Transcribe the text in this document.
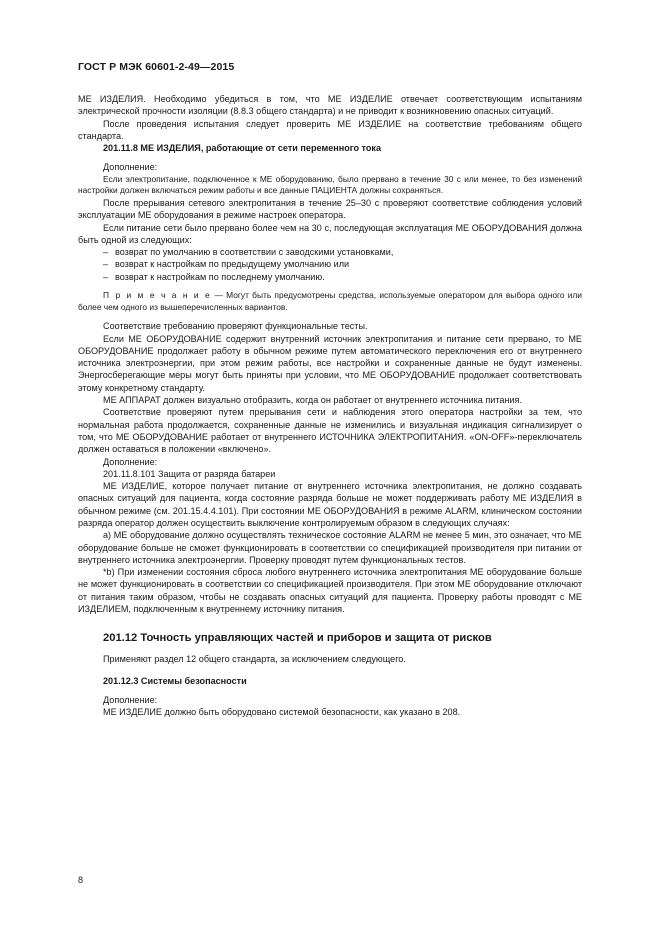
ГОСТ Р МЭК 60601-2-49—2015

МЕ ИЗДЕЛИЯ. Необходимо убедиться в том, что МЕ ИЗДЕЛИЕ отвечает соответствующим испытаниям электрической прочности изоляции (8.8.3 общего стандарта) и не приводит к возникновению опасных ситуаций.

После проведения испытания следует проверить МЕ ИЗДЕЛИЕ на соответствие требованиям общего стандарта.

201.11.8 МЕ ИЗДЕЛИЯ, работающие от сети переменного тока

Дополнение:

Если электропитание, подключенное к МЕ оборудованию, было прервано в течение 30 с или менее, то без изменений настройки должен включаться режим работы и все данные ПАЦИЕНТА должны сохраняться.

После прерывания сетевого электропитания в течение 25–30 с проверяют соответствие соблюдения условий эксплуатации МЕ оборудования в режиме настроек оператора.

Если питание сети было прервано более чем на 30 с, последующая эксплуатация МЕ ОБОРУДОВАНИЯ должна быть одной из следующих:

– возврат по умолчанию в соответствии с заводскими установками,
– возврат к настройкам по предыдущему умолчанию или
– возврат к настройкам по последнему умолчанию.

П р и м е ч а н и е — Могут быть предусмотрены средства, используемые оператором для выбора одного или более чем одного из вышеперечисленных вариантов.

Соответствие требованию проверяют функциональные тесты.

Если МЕ ОБОРУДОВАНИЕ содержит внутренний источник электропитания и питание сети прервано, то МЕ ОБОРУДОВАНИЕ продолжает работу в обычном режиме путем автоматического переключения его от внутреннего источника электроэнергии, при этом режим работы, все настройки и сохраненные данные не будут изменены. Энергосберегающие меры могут быть приняты при условии, что МЕ ОБОРУДОВАНИЕ продолжает соответствовать этому конкретному стандарту.

МЕ АППАРАТ должен визуально отобразить, когда он работает от внутреннего источника питания.

Соответствие проверяют путем прерывания сети и наблюдения этого оператора настройки за тем, что нормальная работа продолжается, сохраненные данные не изменились и визуальная индикация сигнализирует о том, что МЕ ОБОРУДОВАНИЕ работает от внутреннего ИСТОЧНИКА ЭЛЕКТРОПИТАНИЯ. «ON-OFF»-переключатель должен оставаться в положении «включено».

Дополнение:

201.11.8.101 Защита от разряда батареи

МЕ ИЗДЕЛИЕ, которое получает питание от внутреннего источника электропитания, не должно создавать опасных ситуаций для пациента, когда состояние разряда больше не может поддерживать работу МЕ ИЗДЕЛИЯ в обычном режиме (см. 201.15.4.4.101). При состоянии МЕ ОБОРУДОВАНИЯ в режиме ALARM, клиническом состоянии разряда оператор должен осуществить выключение контролируемым образом в следующих случаях:

а) МЕ оборудование должно осуществлять техническое состояние ALARM не менее 5 мин, это означает, что МЕ оборудование больше не сможет функционировать в соответствии со спецификацией производителя при питании от внутреннего источника электроэнергии. Проверку проводят путем функциональных тестов.

*b) При изменении состояния сброса любого внутреннего источника электропитания МЕ оборудование больше не может функционировать в соответствии со спецификацией производителя. При этом МЕ оборудование отключают от питания таким образом, чтобы не создавать опасных ситуаций для пациента. Проверку работы проводят с МЕ ИЗДЕЛИЕМ, подключенным к внутреннему источнику питания.

201.12 Точность управляющих частей и приборов и защита от рисков

Применяют раздел 12 общего стандарта, за исключением следующего.

201.12.3 Системы безопасности

Дополнение:

МЕ ИЗДЕЛИЕ должно быть оборудовано системой безопасности, как указано в 208.

8
